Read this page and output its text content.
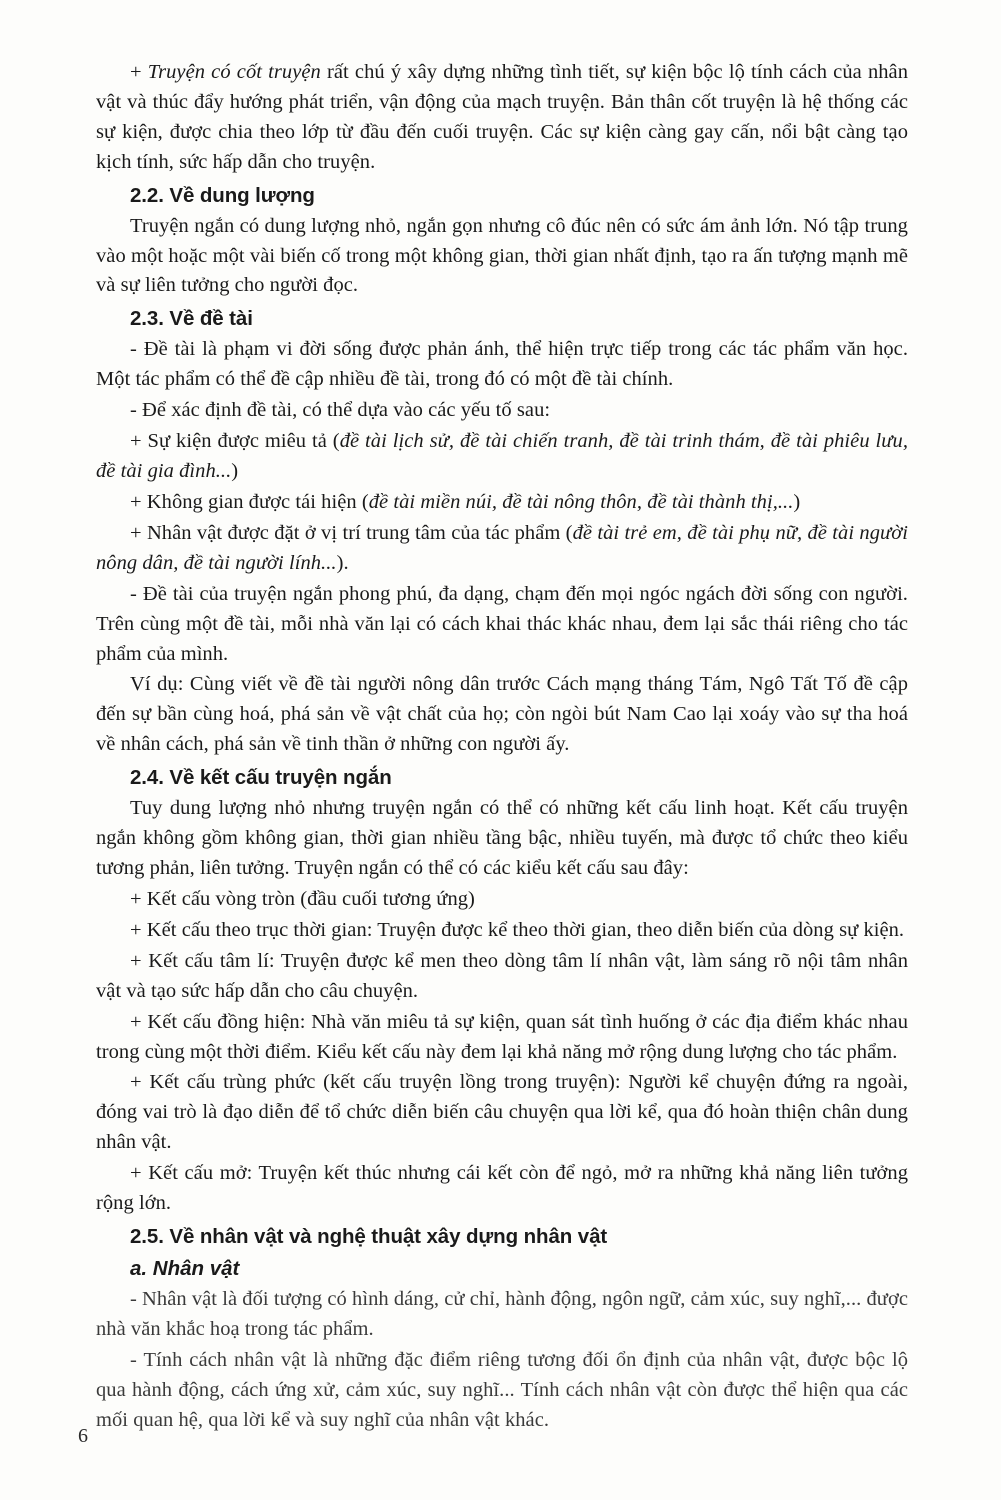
+ Truyện có cốt truyện rất chú ý xây dựng những tình tiết, sự kiện bộc lộ tính cách của nhân vật và thúc đẩy hướng phát triển, vận động của mạch truyện. Bản thân cốt truyện là hệ thống các sự kiện, được chia theo lớp từ đầu đến cuối truyện. Các sự kiện càng gay cấn, nổi bật càng tạo kịch tính, sức hấp dẫn cho truyện.

2.2. Về dung lượng

Truyện ngắn có dung lượng nhỏ, ngắn gọn nhưng cô đúc nên có sức ám ảnh lớn. Nó tập trung vào một hoặc một vài biến cố trong một không gian, thời gian nhất định, tạo ra ấn tượng mạnh mẽ và sự liên tưởng cho người đọc.

2.3. Về đề tài

- Đề tài là phạm vi đời sống được phản ánh, thể hiện trực tiếp trong các tác phẩm văn học. Một tác phẩm có thể đề cập nhiều đề tài, trong đó có một đề tài chính.

- Để xác định đề tài, có thể dựa vào các yếu tố sau:

+ Sự kiện được miêu tả (đề tài lịch sử, đề tài chiến tranh, đề tài trinh thám, đề tài phiêu lưu, đề tài gia đình...)

+ Không gian được tái hiện (đề tài miền núi, đề tài nông thôn, đề tài thành thị,...)

+ Nhân vật được đặt ở vị trí trung tâm của tác phẩm (đề tài trẻ em, đề tài phụ nữ, đề tài người nông dân, đề tài người lính...).

- Đề tài của truyện ngắn phong phú, đa dạng, chạm đến mọi ngóc ngách đời sống con người. Trên cùng một đề tài, mỗi nhà văn lại có cách khai thác khác nhau, đem lại sắc thái riêng cho tác phẩm của mình.

Ví dụ: Cùng viết về đề tài người nông dân trước Cách mạng tháng Tám, Ngô Tất Tố đề cập đến sự bần cùng hoá, phá sản về vật chất của họ; còn ngòi bút Nam Cao lại xoáy vào sự tha hoá về nhân cách, phá sản về tinh thần ở những con người ấy.

2.4. Về kết cấu truyện ngắn

Tuy dung lượng nhỏ nhưng truyện ngắn có thể có những kết cấu linh hoạt. Kết cấu truyện ngắn không gồm không gian, thời gian nhiều tầng bậc, nhiều tuyến, mà được tổ chức theo kiểu tương phản, liên tưởng. Truyện ngắn có thể có các kiểu kết cấu sau đây:

+ Kết cấu vòng tròn (đầu cuối tương ứng)

+ Kết cấu theo trục thời gian: Truyện được kể theo thời gian, theo diễn biến của dòng sự kiện.

+ Kết cấu tâm lí: Truyện được kể men theo dòng tâm lí nhân vật, làm sáng rõ nội tâm nhân vật và tạo sức hấp dẫn cho câu chuyện.

+ Kết cấu đồng hiện: Nhà văn miêu tả sự kiện, quan sát tình huống ở các địa điểm khác nhau trong cùng một thời điểm. Kiểu kết cấu này đem lại khả năng mở rộng dung lượng cho tác phẩm.

+ Kết cấu trùng phức (kết cấu truyện lồng trong truyện): Người kể chuyện đứng ra ngoài, đóng vai trò là đạo diễn để tổ chức diễn biến câu chuyện qua lời kể, qua đó hoàn thiện chân dung nhân vật.

+ Kết cấu mở: Truyện kết thúc nhưng cái kết còn để ngỏ, mở ra những khả năng liên tưởng rộng lớn.

2.5. Về nhân vật và nghệ thuật xây dựng nhân vật
a. Nhân vật

- Nhân vật là đối tượng có hình dáng, cử chỉ, hành động, ngôn ngữ, cảm xúc, suy nghĩ,... được nhà văn khắc hoạ trong tác phẩm.

- Tính cách nhân vật là những đặc điểm riêng tương đối ổn định của nhân vật, được bộc lộ qua hành động, cách ứng xử, cảm xúc, suy nghĩ... Tính cách nhân vật còn được thể hiện qua các mối quan hệ, qua lời kể và suy nghĩ của nhân vật khác.

6
